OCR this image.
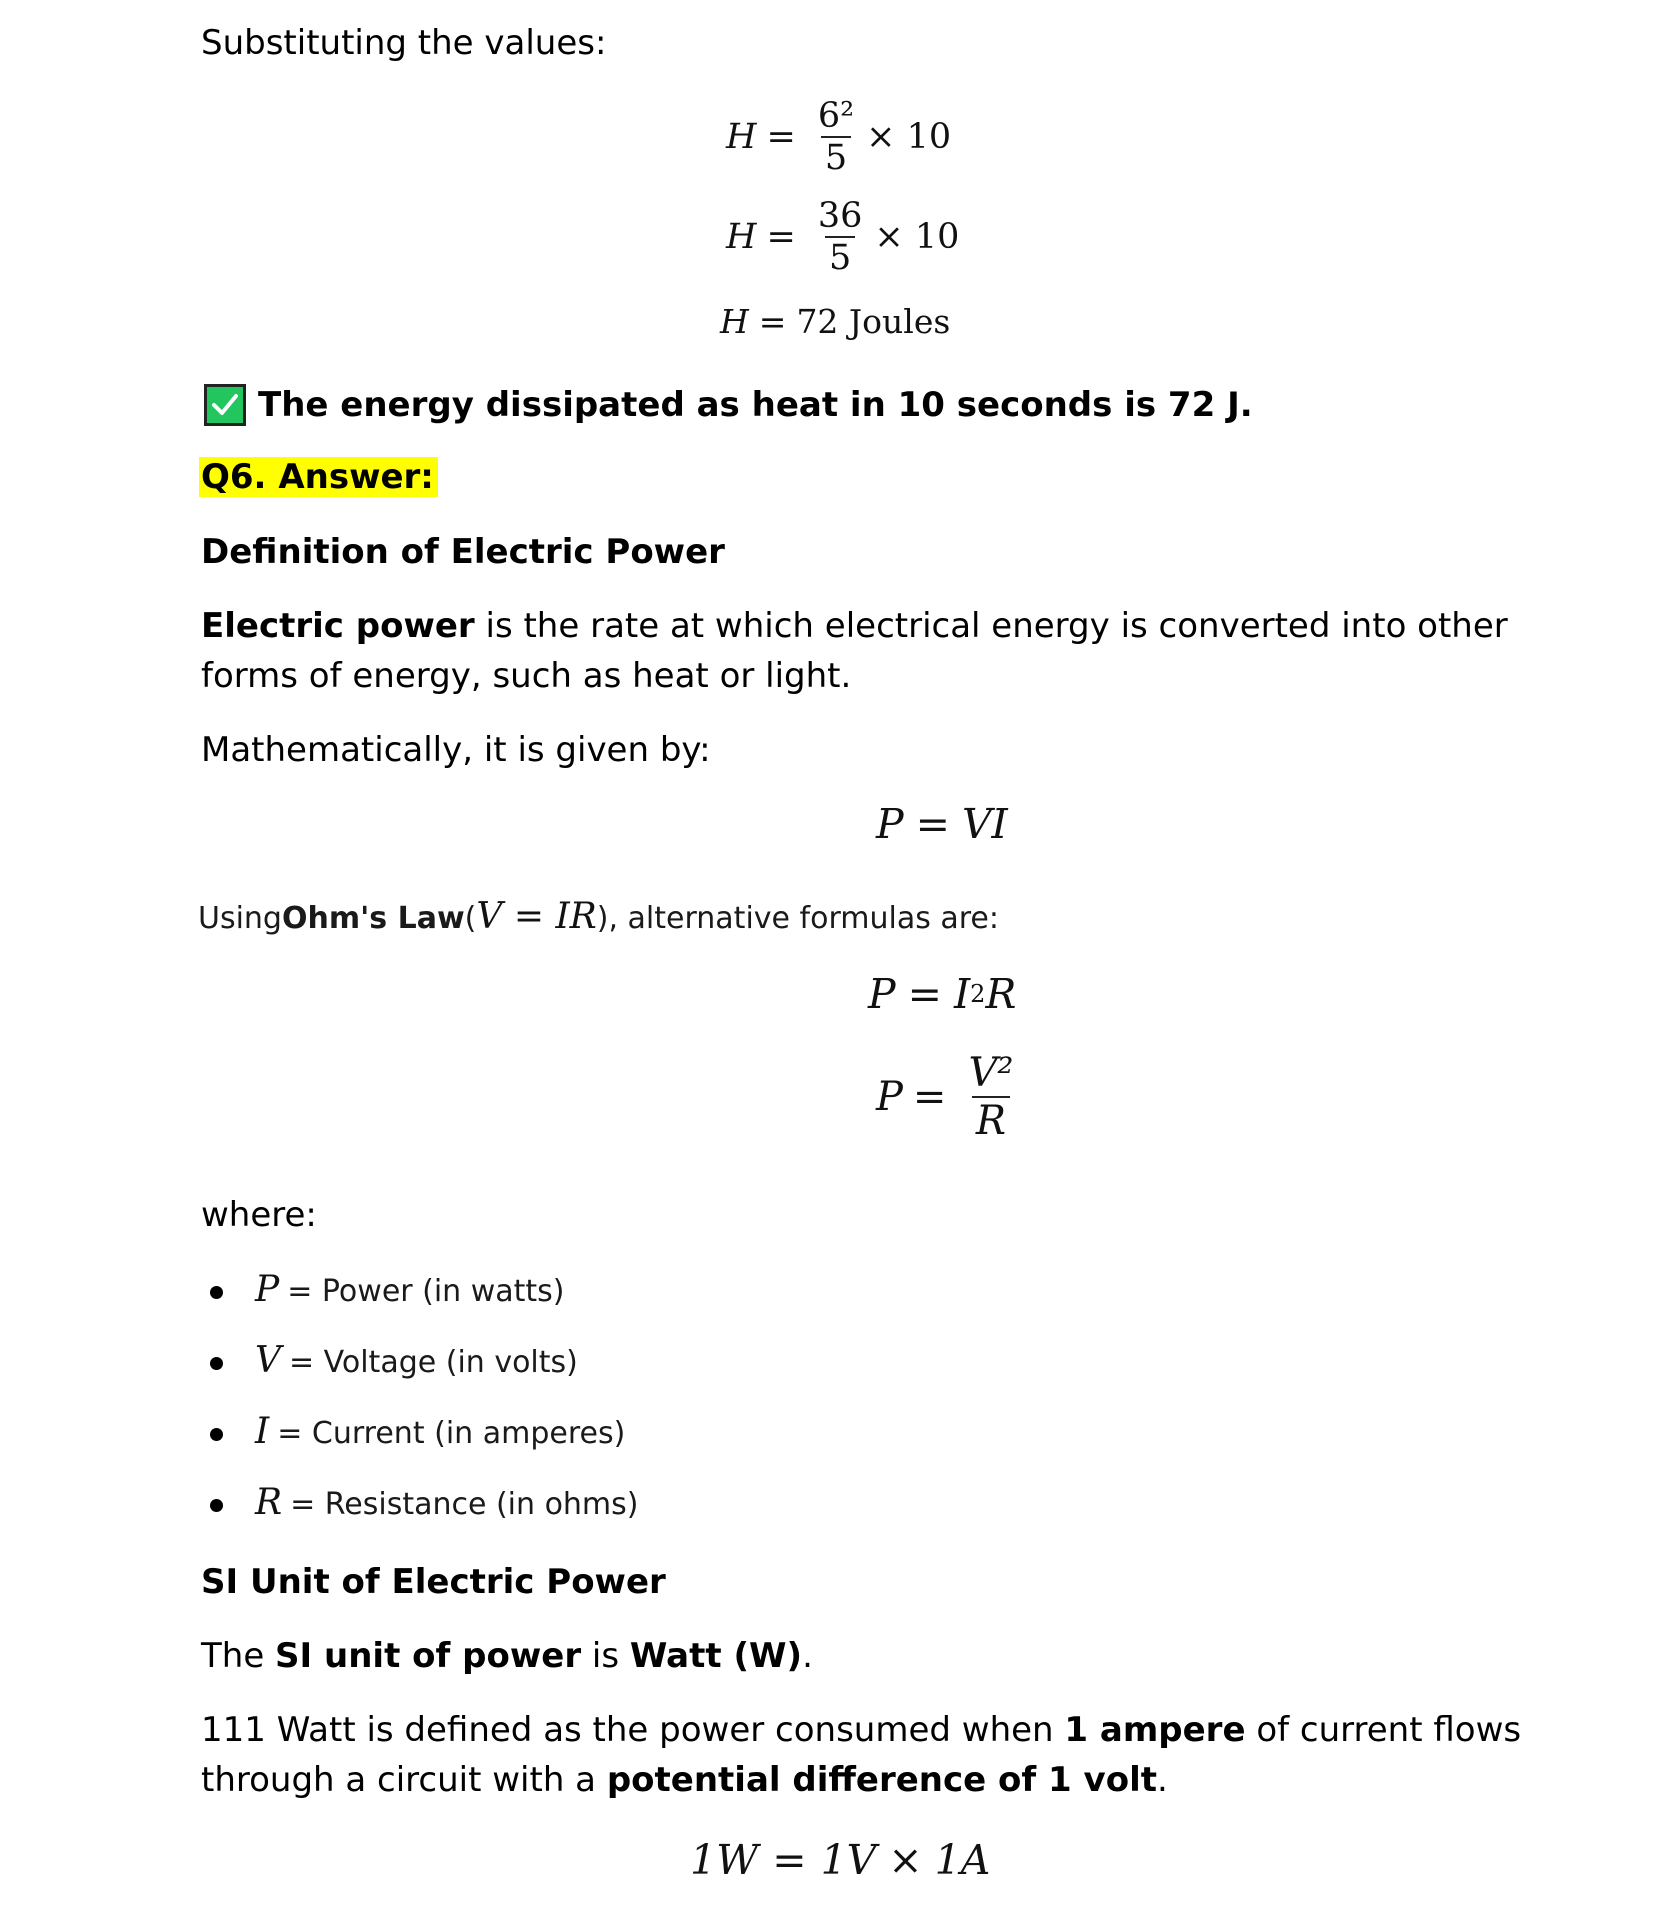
Substituting the values:
$H = \frac{\text{6²}}{5} \times 10$
$H = \frac{36}{5} \times 10$
H = 72 Joules
The energy dissipated as heat in 10 seconds is 72 J.
Q6. Answer:
Definition of Electric Power
Electric power is the rate at which electrical energy is converted into other
forms of energy, such as heat or light.
Mathematically, it is given by:
P = VI
Using Ohm's Law ( V = IR ), alternative formulas are:
P = I 2 R
$P = \frac{\text{V²}}{R}$
where:
P = Power (in watts)
V = Voltage (in volts)
I = Current (in amperes)
R = Resistance (in ohms)
SI Unit of Electric Power
The SI unit of power is Watt (W).
111 Watt is defined as the power consumed when 1 ampere of current flows
through a circuit with a potential difference of 1 volt.
1W = 1V × 1A
